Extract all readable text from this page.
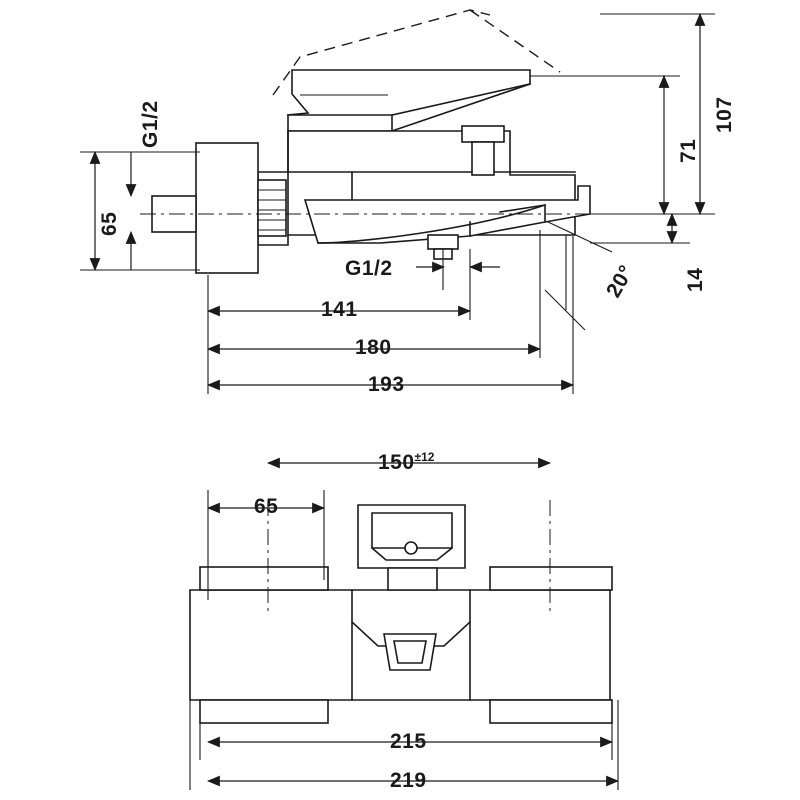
65
G1/2
G1/2
107
71
14
20°
141
180
193
$150^{\pm 12}$
65
215
219
